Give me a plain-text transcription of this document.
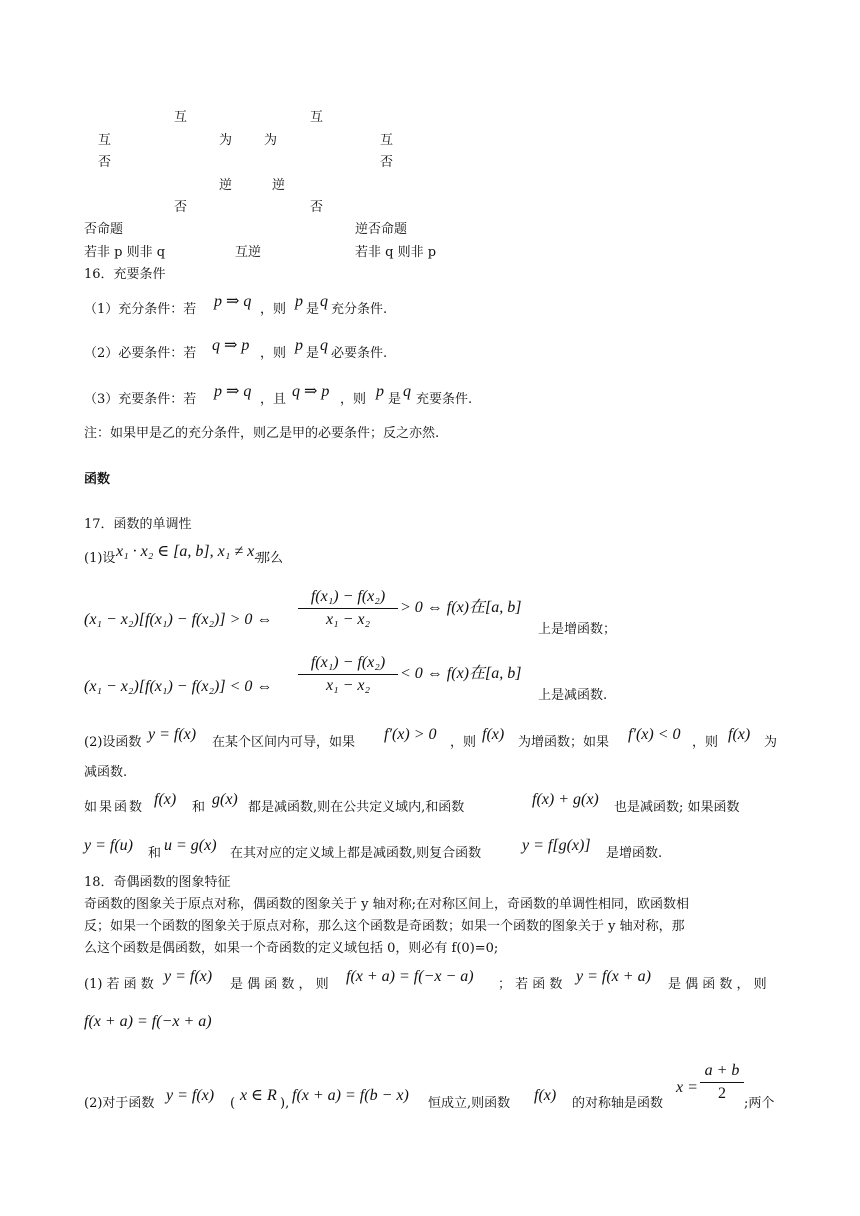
互	互
互	为 为	互
否	否
逆	逆
否	否
否命题	逆否命题
若非 p 则非 q	互逆	若非 q 则非 p
16．充要条件
（1）充分条件：若 p ⇒ q ，则 p 是 q 充分条件.
（2）必要条件：若 q ⇒ p ，则 p 是 q 必要条件.
（3）充要条件：若 p ⇒ q ，且 q ⇒ p ，则 p 是 q 充要条件.
注：如果甲是乙的充分条件，则乙是甲的必要条件；反之亦然.
函数
17．函数的单调性
(1)设 x₁ · x₂ ∈ [a, b], x₁ ≠ x₂
那么
(x₁ − x₂)[f(x₁) − f(x₂)] > 0 ⇔
f(x₁) − f(x₂)
x₁ − x₂
> 0 ⇔ f(x)在[a, b]
上是增函数；
(x₁ − x₂)[f(x₁) − f(x₂)] < 0 ⇔
f(x₁) − f(x₂)
x₁ − x₂
< 0 ⇔ f(x)在[a, b]
上是减函数.
(2)设函数 y = f(x) 在某个区间内可导，如果 f′(x) > 0 ，则 f(x) 为增函数；如果 f′(x) < 0 ，则 f(x) 为
减函数.
如果函数 f(x) 和 g(x) 都是减函数,则在公共定义域内,和函数	f(x) + g(x) 也是减函数; 如果函数
y = f(u) 和 u = g(x) 在其对应的定义域上都是减函数,则复合函数	y = f[g(x)] 是增函数.
18．奇偶函数的图象特征
奇函数的图象关于原点对称，偶函数的图象关于 y 轴对称;在对称区间上，奇函数的单调性相同，欧函数相
反；如果一个函数的图象关于原点对称，那么这个函数是奇函数；如果一个函数的图象关于 y 轴对称，那
么这个函数是偶函数，如果一个奇函数的定义域包括 0，则必有 f(0)=0;
(1) 若 函 数 y = f(x) 是 偶 函 数 ， 则 f(x + a) = f(−x − a) ； 若 函 数 y = f(x + a) 是 偶 函 数 ， 则
f(x + a) = f(−x + a)
(2)对于函数 y = f(x) ( x ∈ R ), f(x + a) = f(b − x) 恒成立,则函数 f(x) 的对称轴是函数
x =
a + b
2
;两个
